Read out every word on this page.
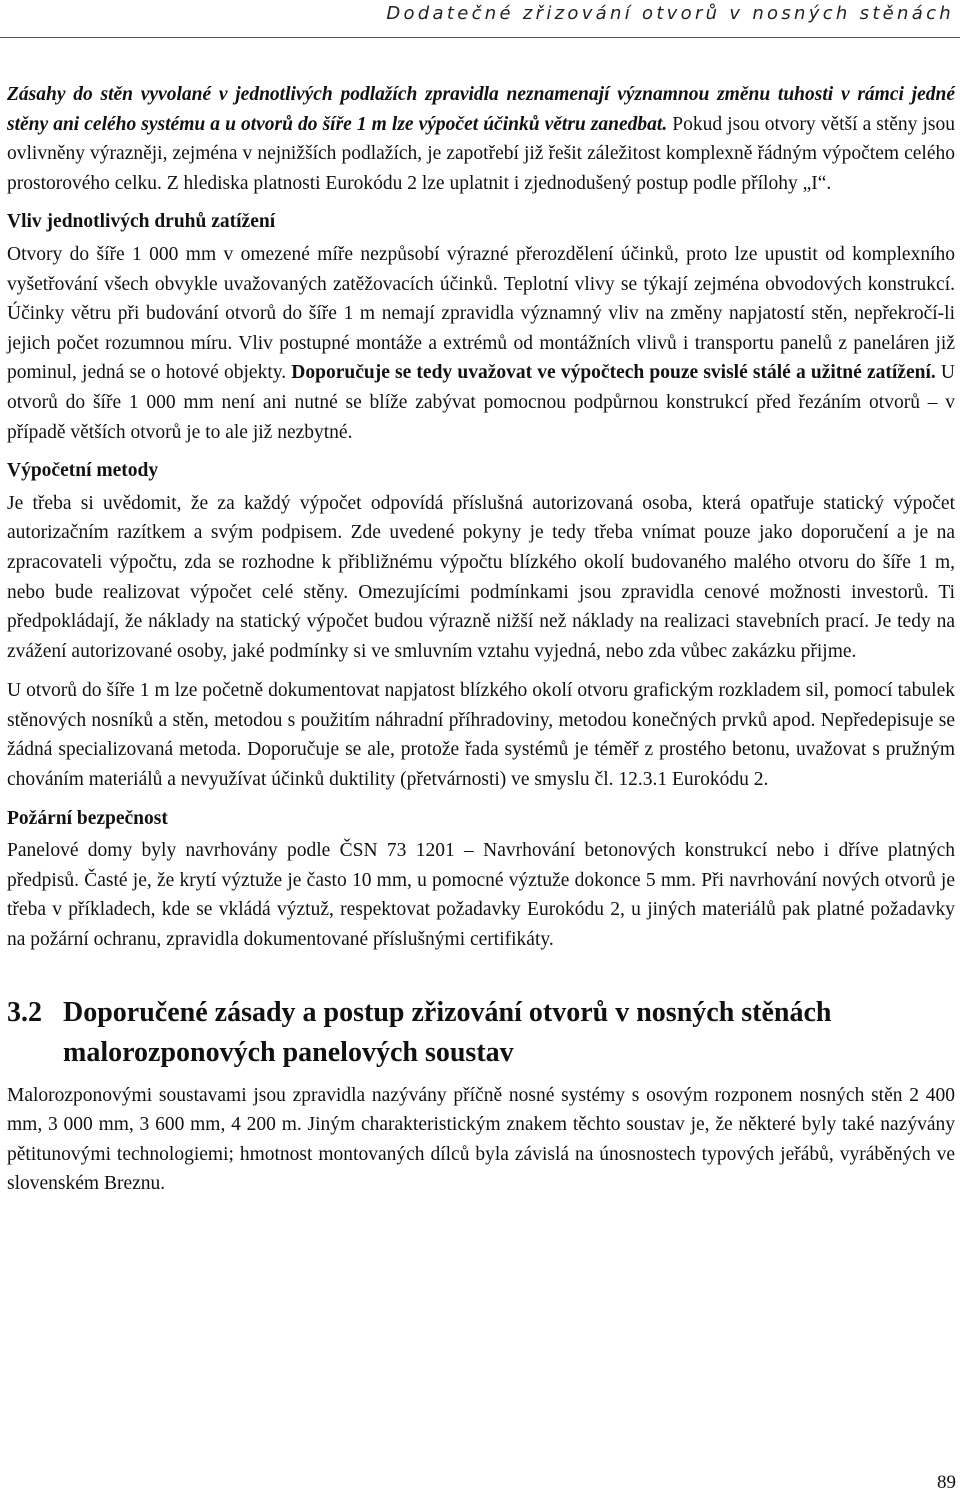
Dodatečné zřizování otvorů v nosných stěnách

Zásahy do stěn vyvolané v jednotlivých podlažích zpravidla neznamenají významnou změnu tuhosti v rámci jedné stěny ani celého systému a u otvorů do šíře 1 m lze výpočet účinků větru zanedbat. Pokud jsou otvory větší a stěny jsou ovlivněny výrazněji, zejména v nejnižších podlažích, je zapotřebí již řešit záležitost komplexně řádným výpočtem celého prostorového celku. Z hlediska platnosti Eurokódu 2 lze uplatnit i zjednodušený postup podle přílohy „I“.

Vliv jednotlivých druhů zatížení

Otvory do šíře 1 000 mm v omezené míře nezpůsobí výrazné přerozdělení účinků, proto lze upustit od komplexního vyšetřování všech obvykle uvažovaných zatěžovacích účinků. Teplotní vlivy se týkají zejména obvodových konstrukcí. Účinky větru při budování otvorů do šíře 1 m nemají zpravidla významný vliv na změny napjatostí stěn, nepřekročí-li jejich počet rozumnou míru. Vliv postupné montáže a extrémů od montážních vlivů i transportu panelů z paneláren již pominul, jedná se o hotové objekty. Doporučuje se tedy uvažovat ve výpočtech pouze svislé stálé a užitné zatížení. U otvorů do šíře 1 000 mm není ani nutné se blíže zabývat pomocnou podpůrnou konstrukcí před řezáním otvorů – v případě větších otvorů je to ale již nezbytné.

Výpočetní metody

Je třeba si uvědomit, že za každý výpočet odpovídá příslušná autorizovaná osoba, která opatřuje statický výpočet autorizačním razítkem a svým podpisem. Zde uvedené pokyny je tedy třeba vnímat pouze jako doporučení a je na zpracovateli výpočtu, zda se rozhodne k přibližnému výpočtu blízkého okolí budovaného malého otvoru do šíře 1 m, nebo bude realizovat výpočet celé stěny. Omezujícími podmínkami jsou zpravidla cenové možnosti investorů. Ti předpokládají, že náklady na statický výpočet budou výrazně nižší než náklady na realizaci stavebních prací. Je tedy na zvážení autorizované osoby, jaké podmínky si ve smluvním vztahu vyjedná, nebo zda vůbec zakázku přijme.

U otvorů do šíře 1 m lze početně dokumentovat napjatost blízkého okolí otvoru grafickým rozkladem sil, pomocí tabulek stěnových nosníků a stěn, metodou s použitím náhradní příhradoviny, metodou konečných prvků apod. Nepředepisuje se žádná specializovaná metoda. Doporučuje se ale, protože řada systémů je téměř z prostého betonu, uvažovat s pružným chováním materiálů a nevyužívat účinků duktility (přetvárnosti) ve smyslu čl. 12.3.1 Eurokódu 2.

Požární bezpečnost

Panelové domy byly navrhovány podle ČSN 73 1201 – Navrhování betonových konstrukcí nebo i dříve platných předpisů. Časté je, že krytí výztuže je často 10 mm, u pomocné výztuže dokonce 5 mm. Při navrhování nových otvorů je třeba v příkladech, kde se vkládá výztuž, respektovat požadavky Eurokódu 2, u jiných materiálů pak platné požadavky na požární ochranu, zpravidla dokumentované příslušnými certifikáty.

3.2 Doporučené zásady a postup zřizování otvorů v nosných stěnách malorozponových panelových soustav

Malorozponovými soustavami jsou zpravidla nazývány příčně nosné systémy s osovým rozponem nosných stěn 2 400 mm, 3 000 mm, 3 600 mm, 4 200 m. Jiným charakteristickým znakem těchto soustav je, že některé byly také nazývány pětitunovými technologiemi; hmotnost montovaných dílců byla závislá na únosnostech typových jeřábů, vyráběných ve slovenském Breznu.

89
